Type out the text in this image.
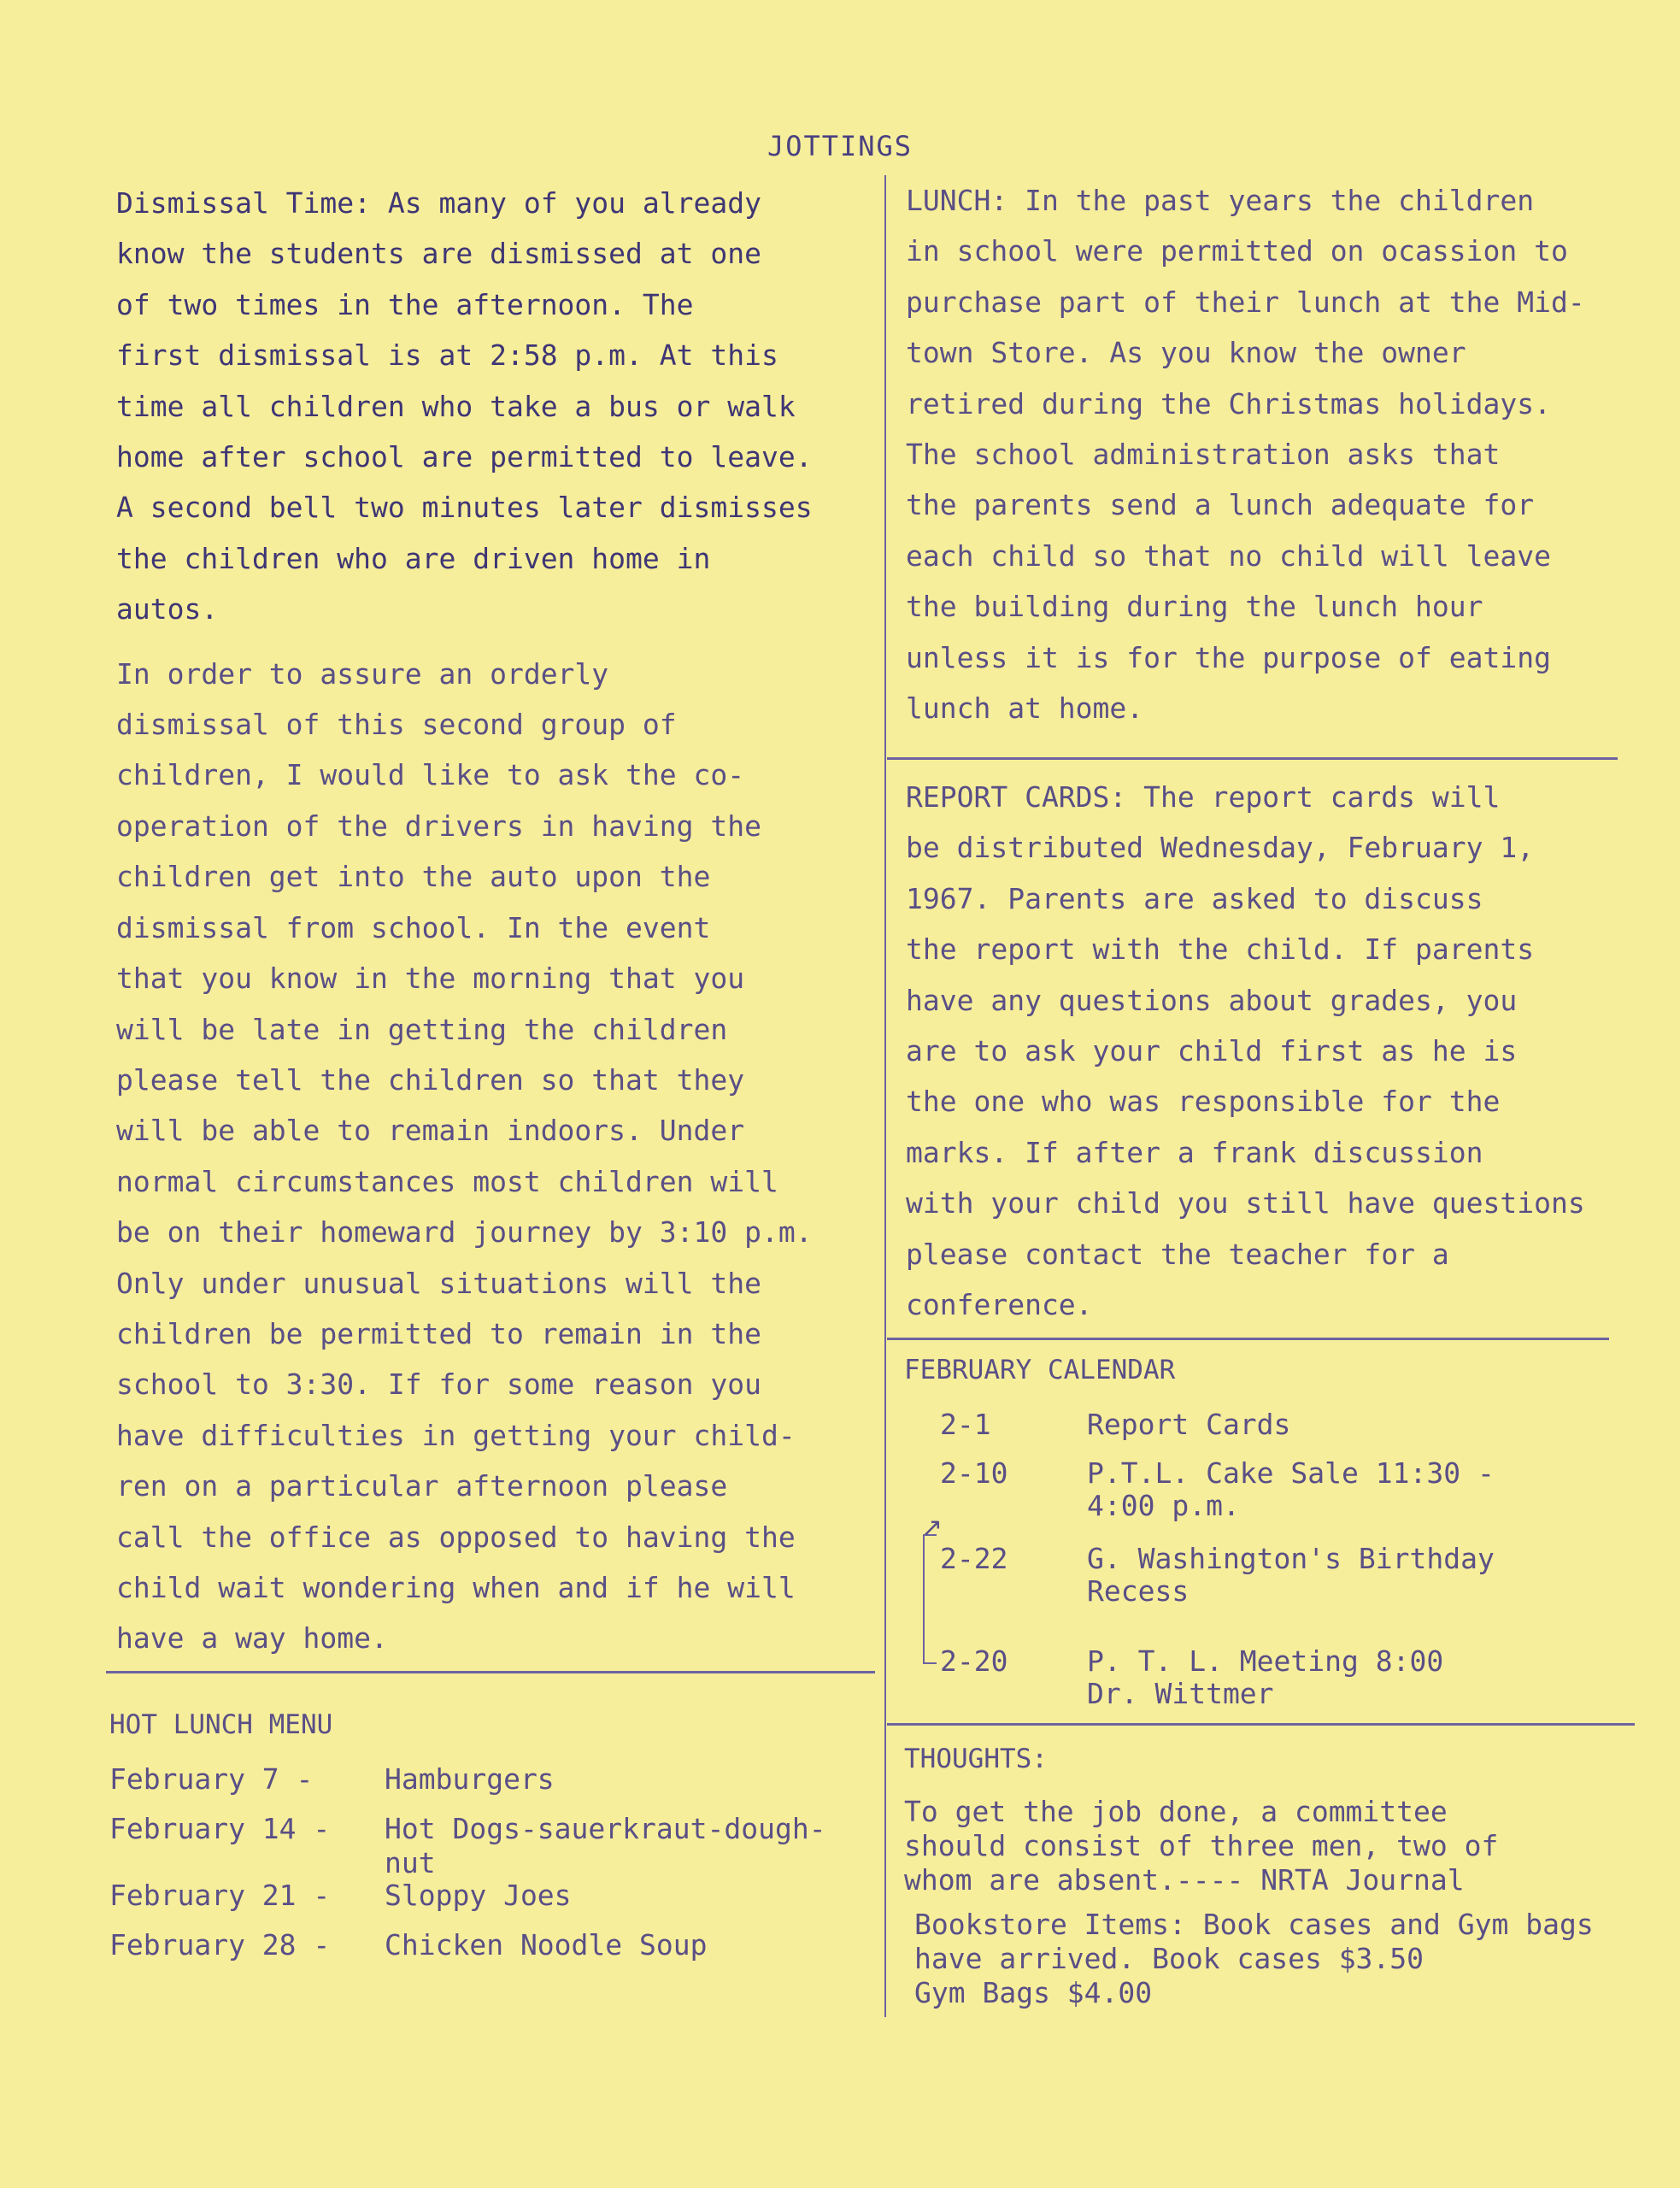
JOTTINGS

Dismissal Time: As many of you already
know the students are dismissed at one
of two times in the afternoon. The
first dismissal is at 2:58 p.m. At this
time all children who take a bus or walk
home after school are permitted to leave.
A second bell two minutes later dismisses
the children who are driven home in
autos.

In order to assure an orderly
dismissal of this second group of
children, I would like to ask the co-
operation of the drivers in having the
children get into the auto upon the
dismissal from school. In the event
that you know in the morning that you
will be late in getting the children
please tell the children so that they
will be able to remain indoors. Under
normal circumstances most children will
be on their homeward journey by 3:10 p.m.
Only under unusual situations will the
children be permitted to remain in the
school to 3:30. If for some reason you
have difficulties in getting your child-
ren on a particular afternoon please
call the office as opposed to having the
child wait wondering when and if he will
have a way home.

HOT LUNCH MENU
February 7 -	Hamburgers
February 14 - Hot Dogs-sauerkraut-dough-
nut
February 21 - Sloppy Joes
February 28 - Chicken Noodle Soup

LUNCH: In the past years the children
in school were permitted on ocassion to
purchase part of their lunch at the Mid-
town Store. As you know the owner
retired during the Christmas holidays.
The school administration asks that
the parents send a lunch adequate for
each child so that no child will leave
the building during the lunch hour
unless it is for the purpose of eating
lunch at home.

REPORT CARDS: The report cards will
be distributed Wednesday, February 1,
1967. Parents are asked to discuss
the report with the child. If parents
have any questions about grades, you
are to ask your child first as he is
the one who was responsible for the
marks. If after a frank discussion
with your child you still have questions
please contact the teacher for a
conference.

FEBRUARY CALENDAR
2-1	Report Cards
2-10	P.T.L. Cake Sale 11:30 -
4:00 p.m.
2-22	G. Washington's Birthday
Recess
2-20	P. T. L. Meeting 8:00
Dr. Wittmer
↗
THOUGHTS:
To get the job done, a committee
should consist of three men, two of
whom are absent.---- NRTA Journal
Bookstore Items: Book cases and Gym bags
have arrived. Book cases $3.50
Gym Bags $4.00
